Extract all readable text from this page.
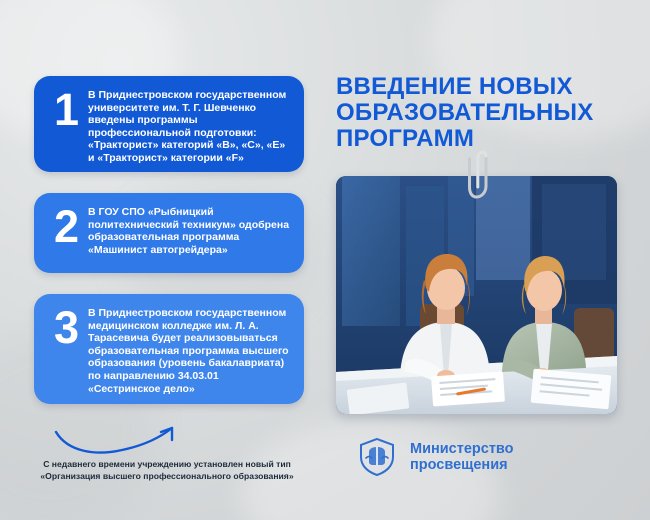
1 В Приднестровском государственном университете им. Т. Г. Шевченко введены программы профессиональной подготовки: «Тракторист» категорий «B», «C», «E» и «Тракторист» категории «F»
2 В ГОУ СПО «Рыбницкий политехнический техникум» одобрена образовательная программа «Машинист автогрейдера»
3 В Приднестровском государственном медицинском колледже им. Л. А. Тарасевича будет реализовываться образовательная программа высшего образования (уровень бакалавриата) по направлению 34.03.01 «Сестринское дело»
ВВЕДЕНИЕ НОВЫХ
ОБРАЗОВАТЕЛЬНЫХ
ПРОГРАММ
С недавнего времени учреждению установлен новый тип
«Организация высшего профессионального образования»
Министерство
просвещения
